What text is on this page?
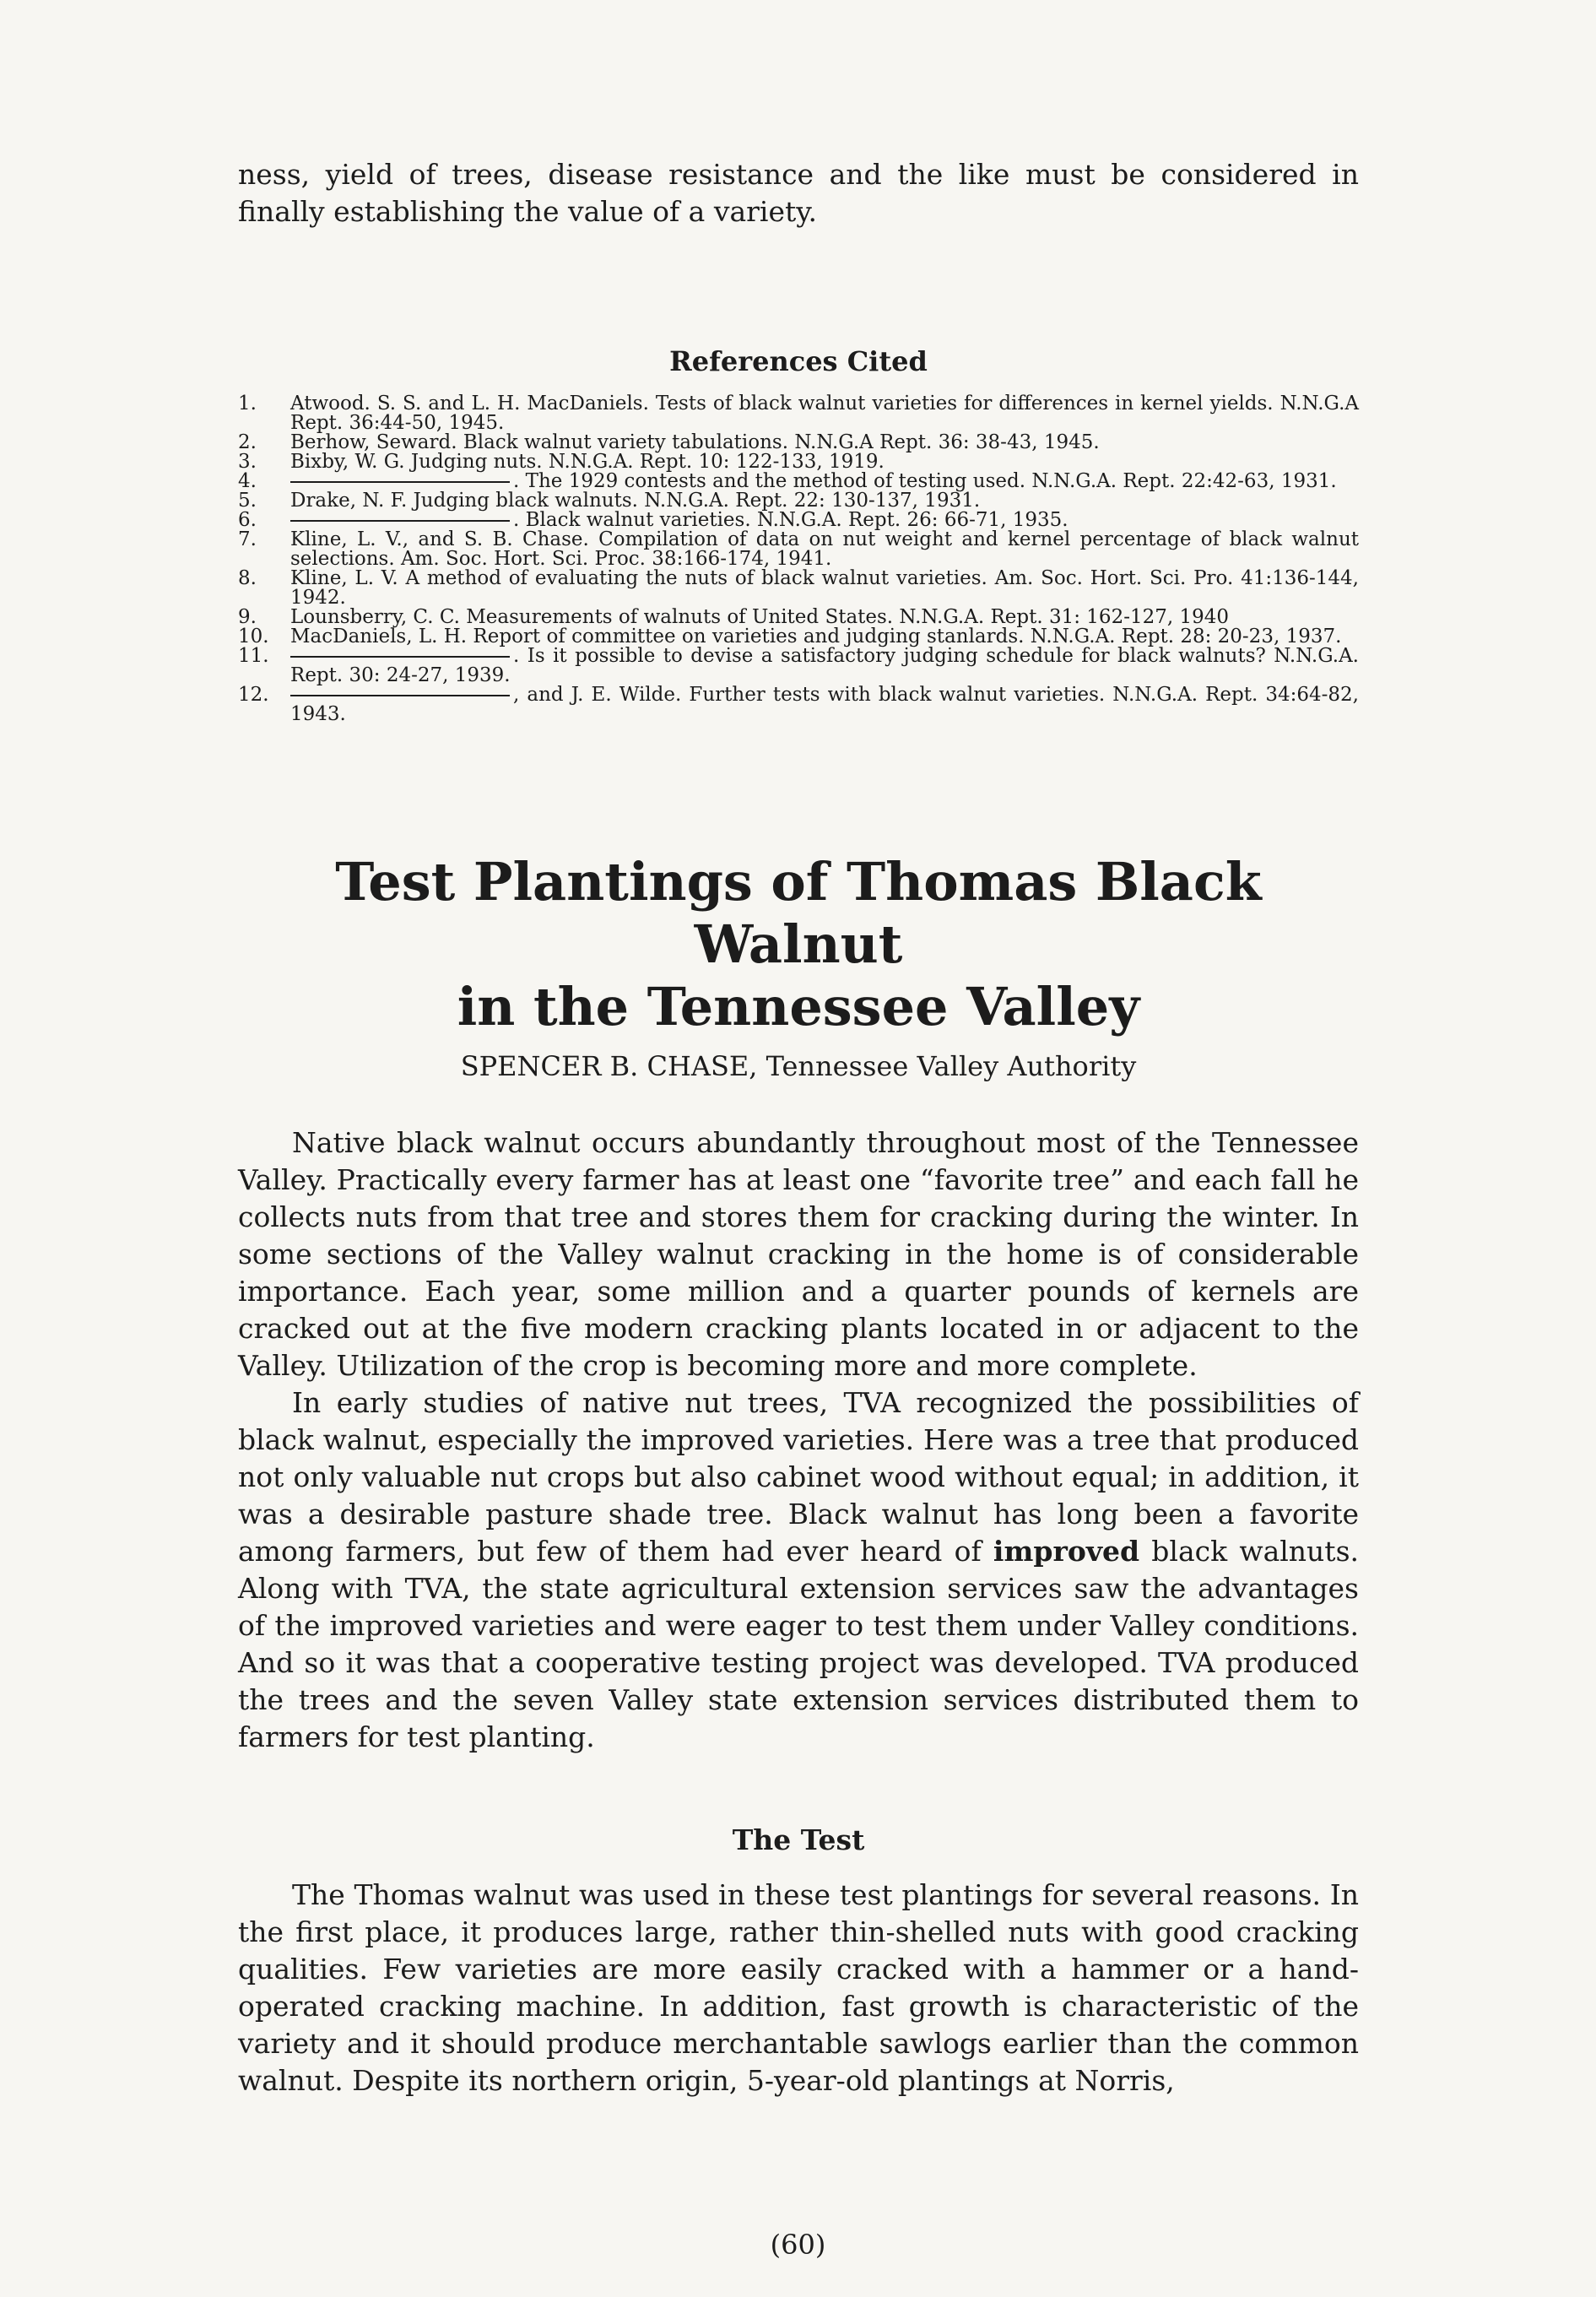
ness, yield of trees, disease resistance and the like must be considered in finally establishing the value of a variety.

References Cited
1.	Atwood. S. S. and L. H. MacDaniels. Tests of black walnut varieties for differences in kernel yields. N.N.G.A Rept. 36:44-50, 1945.
2.	Berhow, Seward. Black walnut variety tabulations. N.N.G.A Rept. 36: 38-43, 1945.
3.	Bixby, W. G. Judging nuts. N.N.G.A. Rept. 10: 122-133, 1919.
4.	. The 1929 contests and the method of testing used. N.N.G.A. Rept. 22:42-63, 1931.
5.	Drake, N. F. Judging black walnuts. N.N.G.A. Rept. 22: 130-137, 1931.
6.	. Black walnut varieties. N.N.G.A. Rept. 26: 66-71, 1935.
7.	Kline, L. V., and S. B. Chase. Compilation of data on nut weight and kernel percentage of black walnut selections. Am. Soc. Hort. Sci. Proc. 38:166-174, 1941.
8.	Kline, L. V. A method of evaluating the nuts of black walnut varieties. Am. Soc. Hort. Sci. Pro. 41:136-144, 1942.
9.	Lounsberry, C. C. Measurements of walnuts of United States. N.N.G.A. Rept. 31: 162-127, 1940
10.	MacDaniels, L. H. Report of committee on varieties and judging stanlards. N.N.G.A. Rept. 28: 20-23, 1937.
11.	. Is it possible to devise a satisfactory judging schedule for black walnuts? N.N.G.A. Rept. 30: 24-27, 1939.
12.	, and J. E. Wilde. Further tests with black walnut varieties. N.N.G.A. Rept. 34:64-82, 1943.
Test Plantings of Thomas Black Walnut
in the Tennessee Valley
SPENCER B. CHASE, Tennessee Valley Authority

Native black walnut occurs abundantly throughout most of the Tennessee Valley. Practically every farmer has at least one “favorite tree” and each fall he collects nuts from that tree and stores them for cracking during the winter. In some sections of the Valley walnut cracking in the home is of considerable importance. Each year, some million and a quarter pounds of kernels are cracked out at the five modern cracking plants located in or adjacent to the Valley. Utilization of the crop is becoming more and more complete.

In early studies of native nut trees, TVA recognized the possibilities of black walnut, especially the improved varieties. Here was a tree that produced not only valuable nut crops but also cabinet wood without equal; in addition, it was a desirable pasture shade tree. Black walnut has long been a favorite among farmers, but few of them had ever heard of improved black walnuts. Along with TVA, the state agricultural extension services saw the advantages of the improved varieties and were eager to test them under Valley conditions. And so it was that a cooperative testing project was developed. TVA produced the trees and the seven Valley state extension services distributed them to farmers for test planting.

The Test

The Thomas walnut was used in these test plantings for several reasons. In the first place, it produces large, rather thin-shelled nuts with good cracking qualities. Few varieties are more easily cracked with a hammer or a hand-operated cracking machine. In addition, fast growth is characteristic of the variety and it should produce merchantable sawlogs earlier than the common walnut. Despite its northern origin, 5-year-old plantings at Norris,

(60)
